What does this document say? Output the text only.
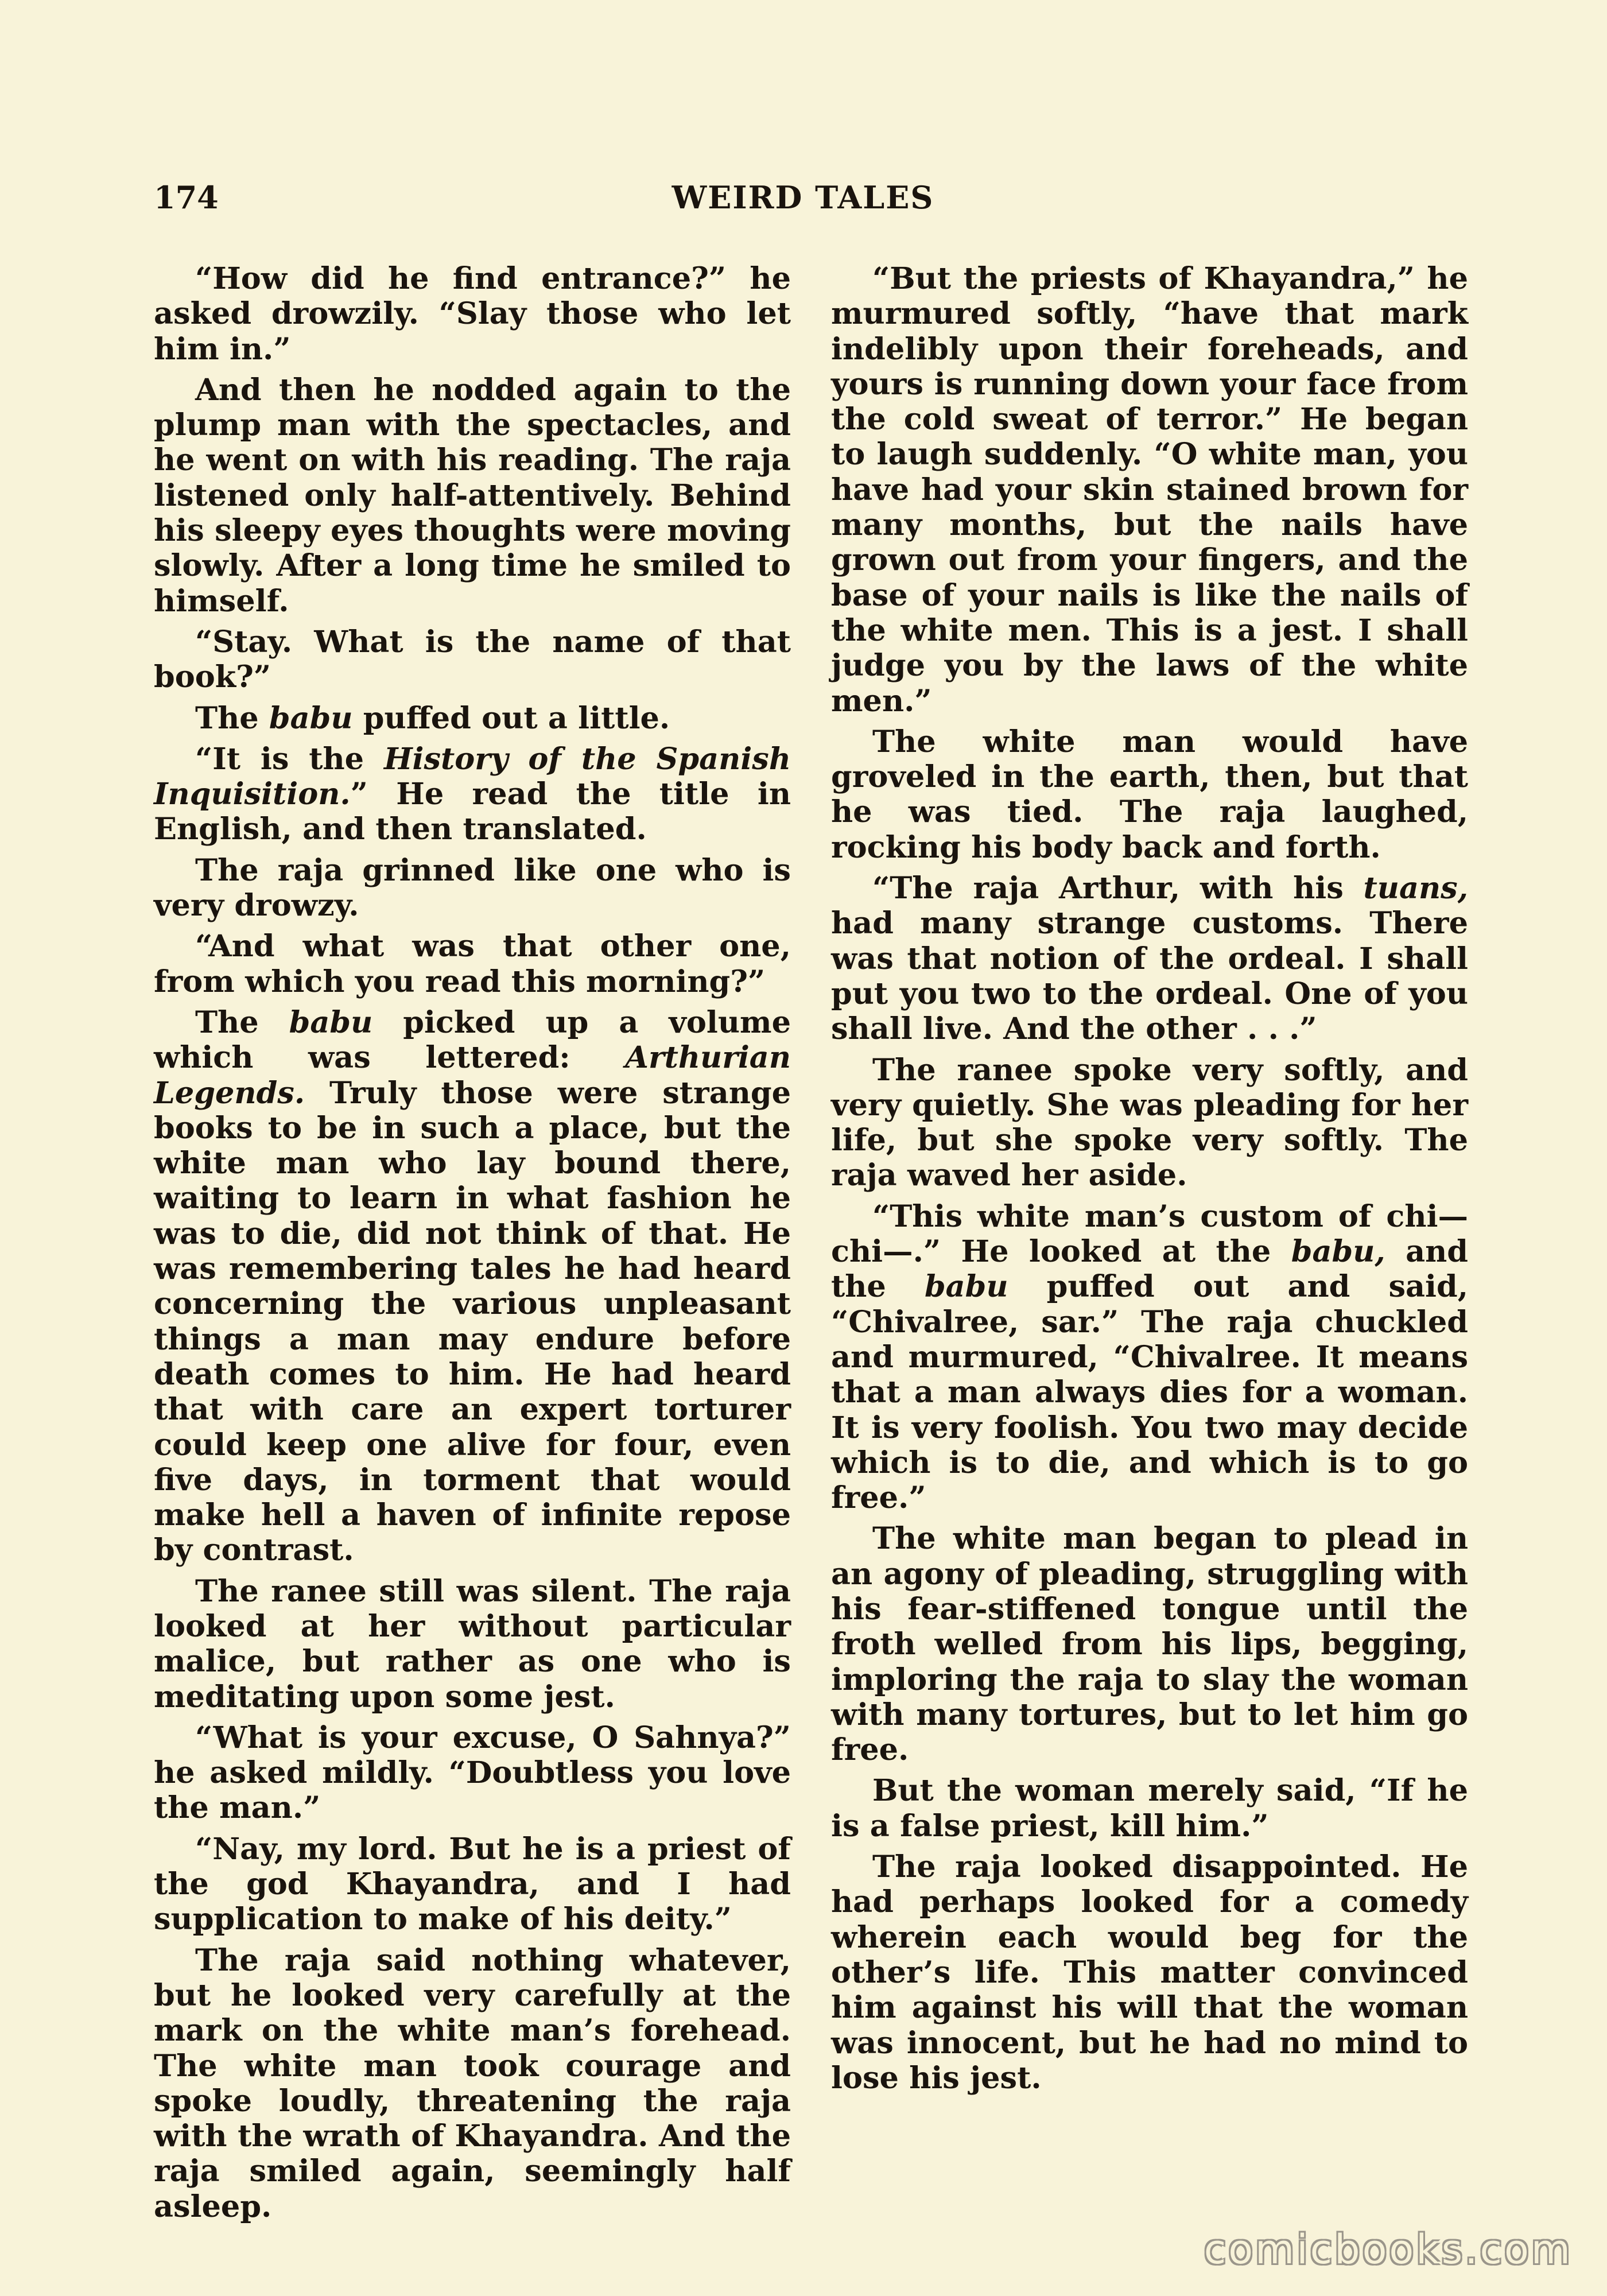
174	WEIRD TALES

“How did he find entrance?” he asked drowzily. “Slay those who let him in.”

And then he nodded again to the plump man with the spectacles, and he went on with his reading. The raja listened only half-attentively. Behind his sleepy eyes thoughts were moving slowly. After a long time he smiled to himself.

“Stay. What is the name of that book?”

The babu puffed out a little.

“It is the History of the Spanish Inquisition.” He read the title in English, and then translated.

The raja grinned like one who is very drowzy.

“And what was that other one, from which you read this morning?”

The babu picked up a volume which was lettered: Arthurian Legends. Truly those were strange books to be in such a place, but the white man who lay bound there, waiting to learn in what fashion he was to die, did not think of that. He was remembering tales he had heard concerning the various unpleasant things a man may endure before death comes to him. He had heard that with care an expert torturer could keep one alive for four, even five days, in torment that would make hell a haven of infinite repose by contrast.

The ranee still was silent. The raja looked at her without particular malice, but rather as one who is meditating upon some jest.

“What is your excuse, O Sahnya?” he asked mildly. “Doubtless you love the man.”

“Nay, my lord. But he is a priest of the god Khayandra, and I had supplication to make of his deity.”

The raja said nothing whatever, but he looked very carefully at the mark on the white man’s forehead. The white man took courage and spoke loudly, threatening the raja with the wrath of Khayandra. And the raja smiled again, seemingly half asleep.

“But the priests of Khayandra,” he murmured softly, “have that mark indelibly upon their foreheads, and yours is running down your face from the cold sweat of terror.” He began to laugh suddenly. “O white man, you have had your skin stained brown for many months, but the nails have grown out from your fingers, and the base of your nails is like the nails of the white men. This is a jest. I shall judge you by the laws of the white men.”

The white man would have groveled in the earth, then, but that he was tied. The raja laughed, rocking his body back and forth.

“The raja Arthur, with his tuans, had many strange customs. There was that notion of the ordeal. I shall put you two to the ordeal. One of you shall live. And the other . . .”

The ranee spoke very softly, and very quietly. She was pleading for her life, but she spoke very softly. The raja waved her aside.

“This white man’s custom of chi—chi—.” He looked at the babu, and the babu puffed out and said, “Chivalree, sar.” The raja chuckled and murmured, “Chivalree. It means that a man always dies for a woman. It is very foolish. You two may decide which is to die, and which is to go free.”

The white man began to plead in an agony of pleading, struggling with his fear-stiffened tongue until the froth welled from his lips, begging, imploring the raja to slay the woman with many tortures, but to let him go free.

But the woman merely said, “If he is a false priest, kill him.”

The raja looked disappointed. He had perhaps looked for a comedy wherein each would beg for the other’s life. This matter convinced him against his will that the woman was innocent, but he had no mind to lose his jest.

comicbooks.com
